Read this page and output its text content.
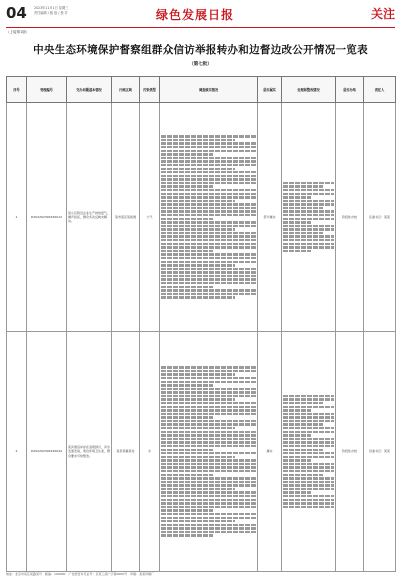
04 2023年11月1日 星期三
责任编辑 / 版 组 / 校 对	绿色发展日报	关注
（上接第1版）
中央生态环境保护督察组群众信访举报转办和边督边改公开情况一览表
（第七批）
序号	受理编号	交办问题基本情况	行政区域	污染类型	调查核实情况	是否属实	处理和整改情况	是否办结	责任人
1	D2SX202309150012	某小区附近企业生产排放废气，噪声扰民，群众多次反映未解决。	某市某区某街道	大气		部分属实		阶段性办结	区委书记：某某
2	D2SX202309150024	某河道沿岸存在违规排污，河水发黑发臭，周边环境卫生差，群众要求尽快整治。	某县某镇某村	水		属实		阶段性办结	县委书记：某某
地址：北京市某区某路某号　邮编：100000　广告经营许可证号：京某工商广字第0000号　印刷：某某印刷厂
